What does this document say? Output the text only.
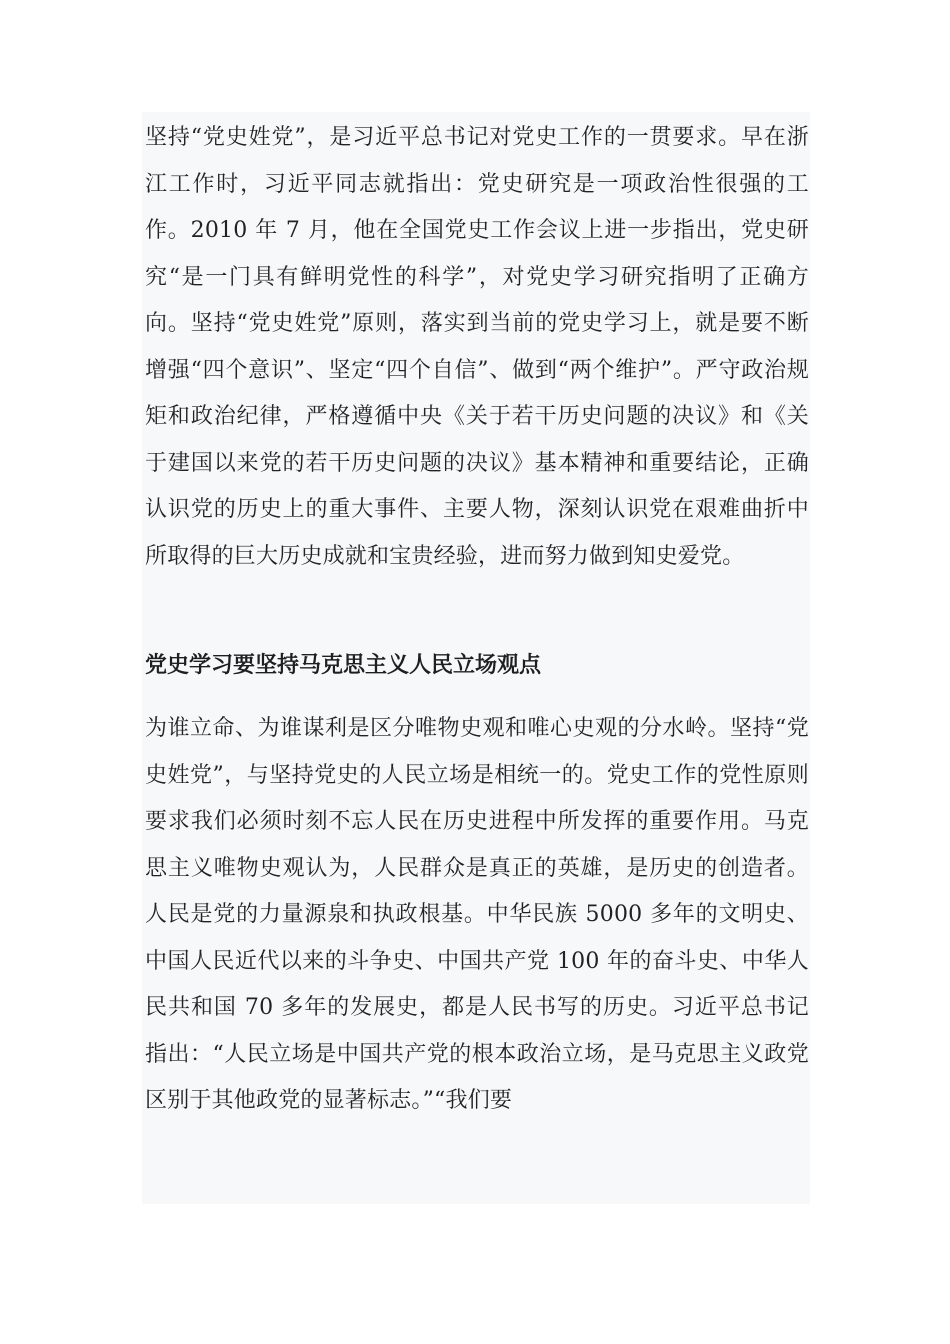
坚持“党史姓党”，是习近平总书记对党史工作的一贯要求。早在浙江工作时，习近平同志就指出：党史研究是一项政治性很强的工作。2010 年 7 月，他在全国党史工作会议上进一步指出，党史研究“是一门具有鲜明党性的科学”，对党史学习研究指明了正确方向。坚持“党史姓党”原则，落实到当前的党史学习上，就是要不断增强“四个意识”、坚定“四个自信”、做到“两个维护”。严守政治规矩和政治纪律，严格遵循中央《关于若干历史问题的决议》和《关于建国以来党的若干历史问题的决议》基本精神和重要结论，正确认识党的历史上的重大事件、主要人物，深刻认识党在艰难曲折中所取得的巨大历史成就和宝贵经验，进而努力做到知史爱党。

党史学习要坚持马克思主义人民立场观点

为谁立命、为谁谋利是区分唯物史观和唯心史观的分水岭。坚持“党史姓党”，与坚持党史的人民立场是相统一的。党史工作的党性原则要求我们必须时刻不忘人民在历史进程中所发挥的重要作用。马克思主义唯物史观认为，人民群众是真正的英雄，是历史的创造者。人民是党的力量源泉和执政根基。中华民族 5000 多年的文明史、中国人民近代以来的斗争史、中国共产党 100 年的奋斗史、中华人民共和国 70 多年的发展史，都是人民书写的历史。习近平总书记指出：“人民立场是中国共产党的根本政治立场，是马克思主义政党区别于其他政党的显著标志。”“我们要
